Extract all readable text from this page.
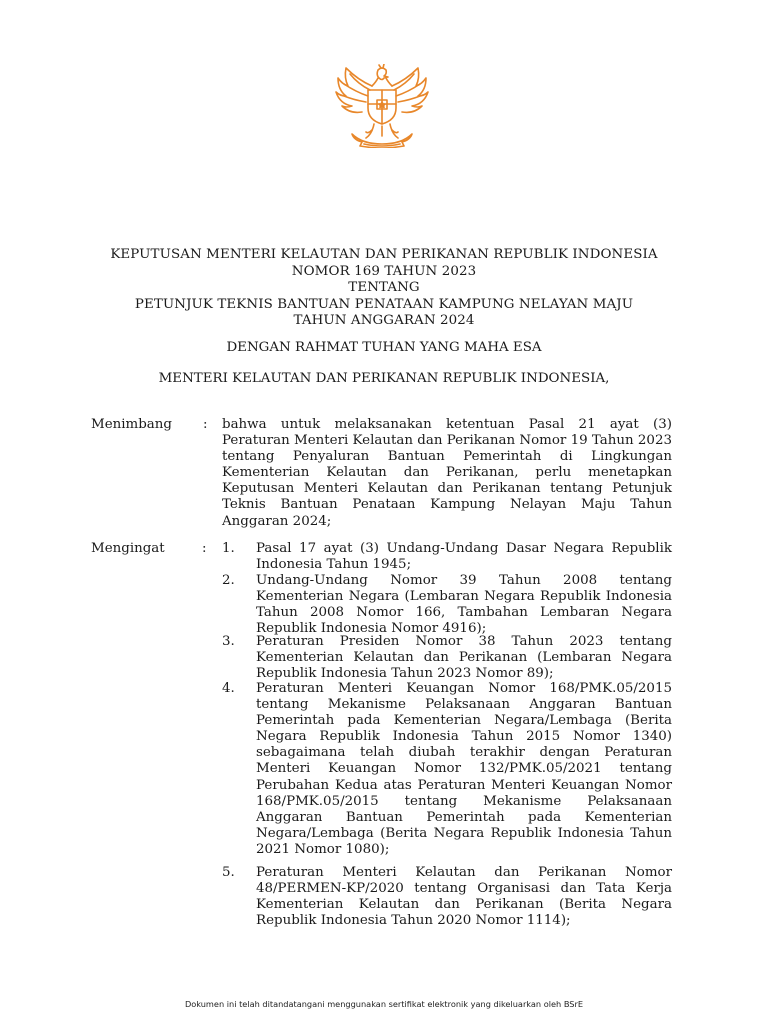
KEPUTUSAN MENTERI KELAUTAN DAN PERIKANAN REPUBLIK INDONESIA
NOMOR 169 TAHUN 2023
TENTANG
PETUNJUK TEKNIS BANTUAN PENATAAN KAMPUNG NELAYAN MAJU
TAHUN ANGGARAN 2024
DENGAN RAHMAT TUHAN YANG MAHA ESA
MENTERI KELAUTAN DAN PERIKANAN REPUBLIK INDONESIA,
Menimbang : bahwa untuk melaksanakan ketentuan Pasal 21 ayat (3) Peraturan Menteri Kelautan dan Perikanan Nomor 19 Tahun 2023 tentang Penyaluran Bantuan Pemerintah di Lingkungan Kementerian Kelautan dan Perikanan, perlu menetapkan Keputusan Menteri Kelautan dan Perikanan tentang Petunjuk Teknis Bantuan Penataan Kampung Nelayan Maju Tahun Anggaran 2024;
Mengingat	: 1. Pasal 17 ayat (3) Undang-Undang Dasar Negara Republik Indonesia Tahun 1945;
2. Undang-Undang Nomor 39 Tahun 2008 tentang Kementerian Negara (Lembaran Negara Republik Indonesia Tahun 2008 Nomor 166, Tambahan Lembaran Negara Republik Indonesia Nomor 4916);
3. Peraturan Presiden Nomor 38 Tahun 2023 tentang Kementerian Kelautan dan Perikanan (Lembaran Negara Republik Indonesia Tahun 2023 Nomor 89);
4. Peraturan Menteri Keuangan Nomor 168/PMK.05/2015 tentang Mekanisme Pelaksanaan Anggaran Bantuan Pemerintah pada Kementerian Negara/Lembaga (Berita Negara Republik Indonesia Tahun 2015 Nomor 1340) sebagaimana telah diubah terakhir dengan Peraturan Menteri Keuangan Nomor 132/PMK.05/2021 tentang Perubahan Kedua atas Peraturan Menteri Keuangan Nomor 168/PMK.05/2015 tentang Mekanisme Pelaksanaan Anggaran Bantuan Pemerintah pada Kementerian Negara/Lembaga (Berita Negara Republik Indonesia Tahun 2021 Nomor 1080);
5. Peraturan Menteri Kelautan dan Perikanan Nomor 48/PERMEN-KP/2020 tentang Organisasi dan Tata Kerja Kementerian Kelautan dan Perikanan (Berita Negara Republik Indonesia Tahun 2020 Nomor 1114);
Dokumen ini telah ditandatangani menggunakan sertifikat elektronik yang dikeluarkan oleh BSrE
